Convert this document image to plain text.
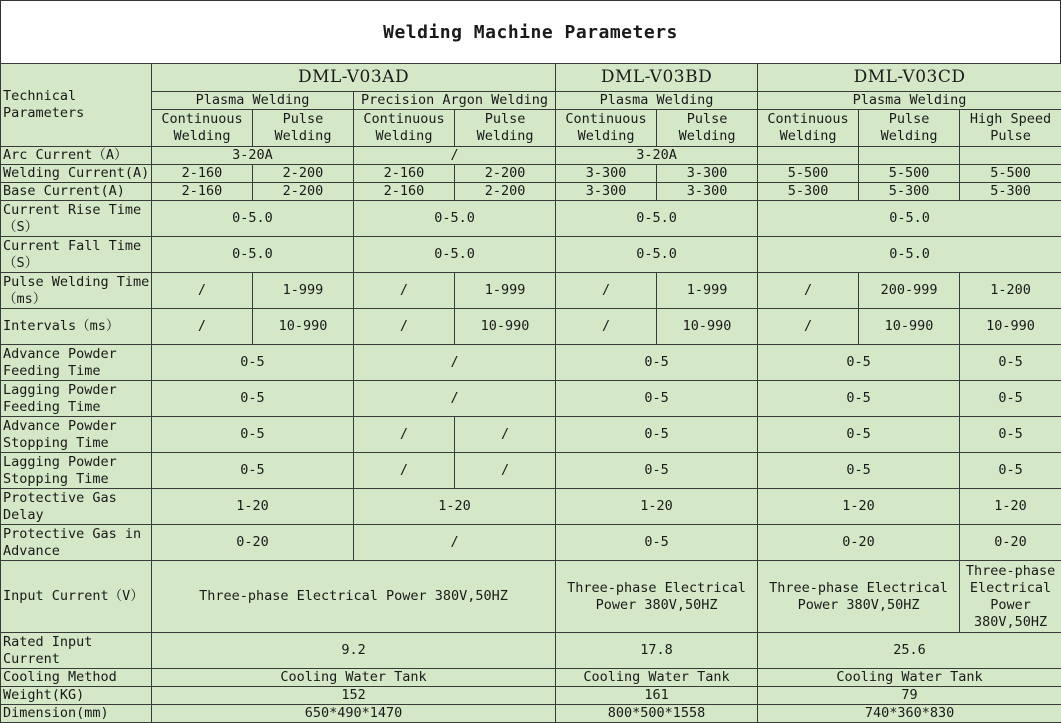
Welding Machine Parameters
Technical Parameters	DML-V03AD				DML-V03BD		DML-V03CD		
	Plasma Welding		Precision Argon Welding		Plasma Welding		Plasma Welding		
	Continuous Welding	Pulse Welding	Continuous Welding	Pulse Welding	Continuous Welding	Pulse Welding	Continuous Welding	Pulse Welding	High Speed Pulse
Arc Current（A）	3-20A		/		3-20A				
Welding Current(A)	2-160	2-200	2-160	2-200	3-300	3-300	5-500	5-500	5-500
Base Current(A)	2-160	2-200	2-160	2-200	3-300	3-300	5-300	5-300	5-300
Current Rise Time（S）	0-5.0		0-5.0		0-5.0		0-5.0		
Current Fall Time（S）	0-5.0		0-5.0		0-5.0		0-5.0		
Pulse Welding Time（ms）	/	1-999	/	1-999	/	1-999	/	200-999	1-200
Intervals（ms）	/	10-990	/	10-990	/	10-990	/	10-990	10-990
Advance Powder Feeding Time	0-5		/		0-5		0-5		0-5
Lagging Powder Feeding Time	0-5		/		0-5		0-5		0-5
Advance Powder Stopping Time	0-5		/	/	0-5		0-5		0-5
Lagging Powder Stopping Time	0-5		/	/	0-5		0-5		0-5
Protective Gas Delay	1-20		1-20		1-20		1-20		1-20
Protective Gas in Advance	0-20		/		0-5		0-20		0-20
Input Current（V）	Three-phase Electrical Power 380V,50HZ				Three-phase Electrical Power 380V,50HZ		Three-phase Electrical Power 380V,50HZ		Three-phase Electrical Power 380V,50HZ
Rated Input Current	9.2				17.8		25.6		
Cooling Method	Cooling Water Tank				Cooling Water Tank		Cooling Water Tank		
Weight(KG)	152				161		79		
Dimension(mm)	650*490*1470				800*500*1558		740*360*830		
